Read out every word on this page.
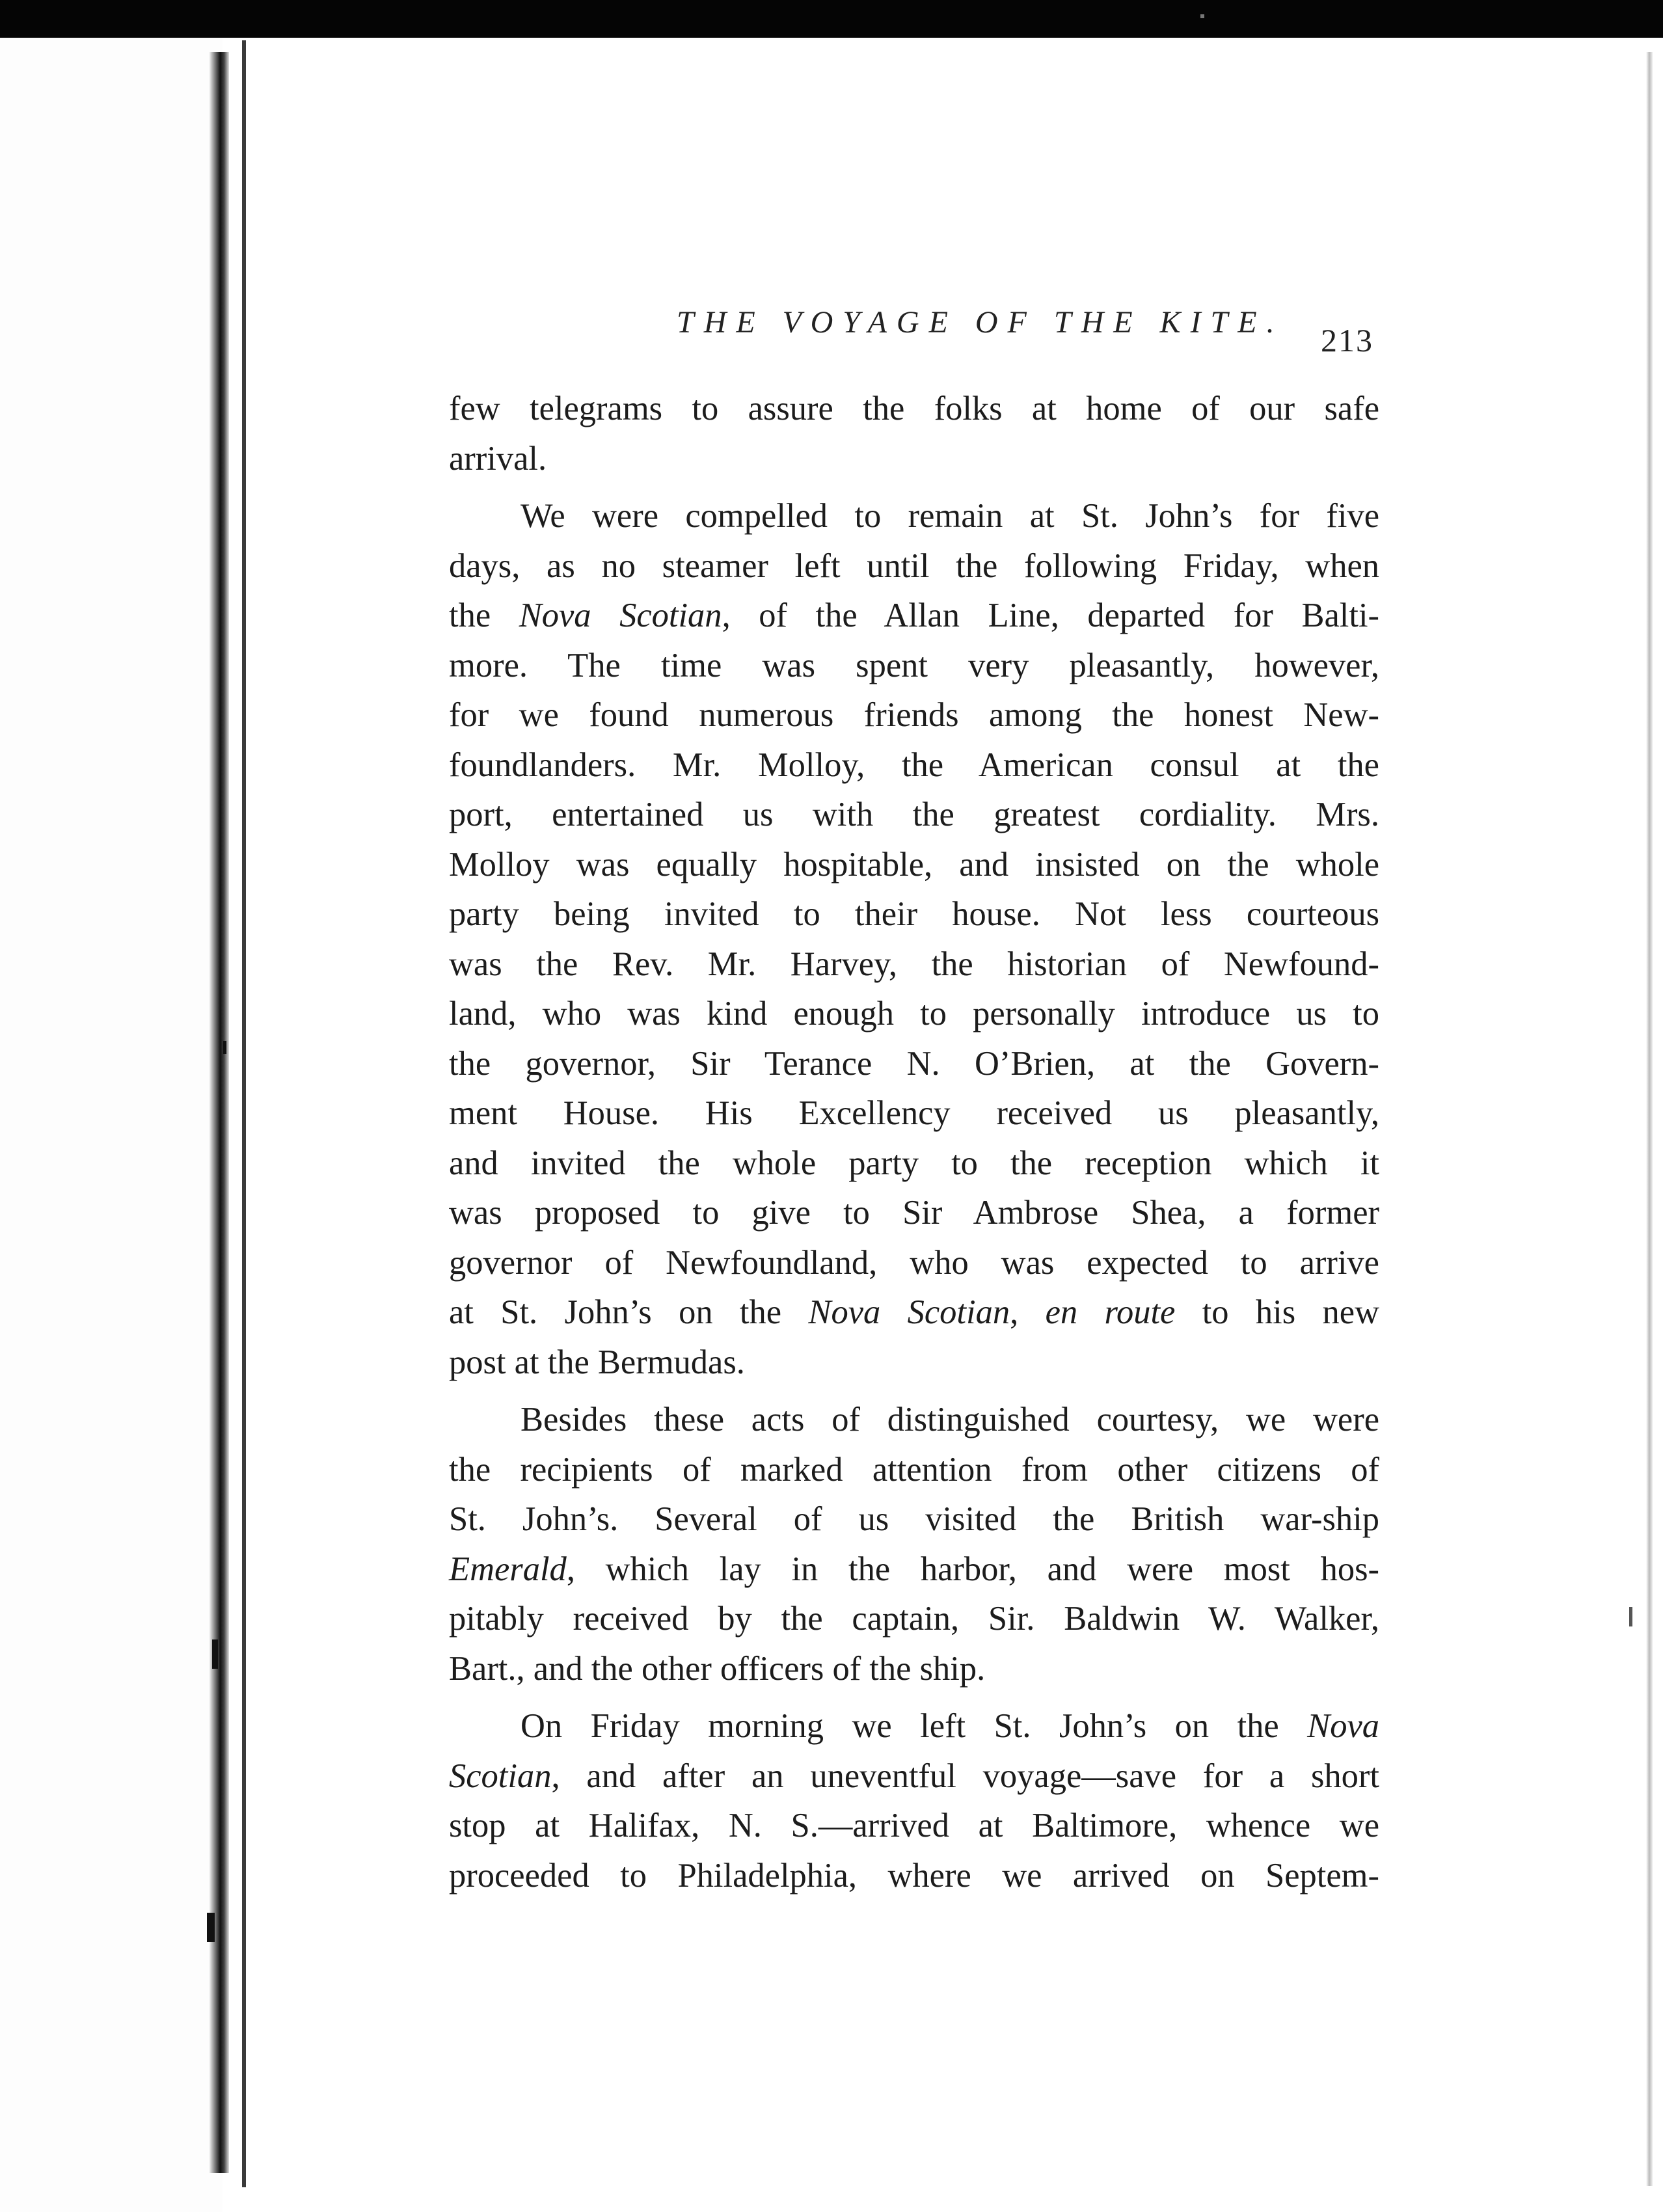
THE VOYAGE OF THE KITE. 213
few telegrams to assure the folks at home of our safe
arrival.
We were compelled to remain at St. John’s for five
days, as no steamer left until the following Friday, when
the Nova Scotian, of the Allan Line, departed for Balti-
more. The time was spent very pleasantly, however,
for we found numerous friends among the honest New-
foundlanders. Mr. Molloy, the American consul at the
port, entertained us with the greatest cordiality. Mrs.
Molloy was equally hospitable, and insisted on the whole
party being invited to their house. Not less courteous
was the Rev. Mr. Harvey, the historian of Newfound-
land, who was kind enough to personally introduce us to
the governor, Sir Terance N. O’Brien, at the Govern-
ment House. His Excellency received us pleasantly,
and invited the whole party to the reception which it
was proposed to give to Sir Ambrose Shea, a former
governor of Newfoundland, who was expected to arrive
at St. John’s on the Nova Scotian, en route to his new
post at the Bermudas.
Besides these acts of distinguished courtesy, we were
the recipients of marked attention from other citizens of
St. John’s. Several of us visited the British war-ship
Emerald, which lay in the harbor, and were most hos-
pitably received by the captain, Sir. Baldwin W. Walker,
Bart., and the other officers of the ship.
On Friday morning we left St. John’s on the Nova
Scotian, and after an uneventful voyage—save for a short
stop at Halifax, N. S.—arrived at Baltimore, whence we
proceeded to Philadelphia, where we arrived on Septem-
